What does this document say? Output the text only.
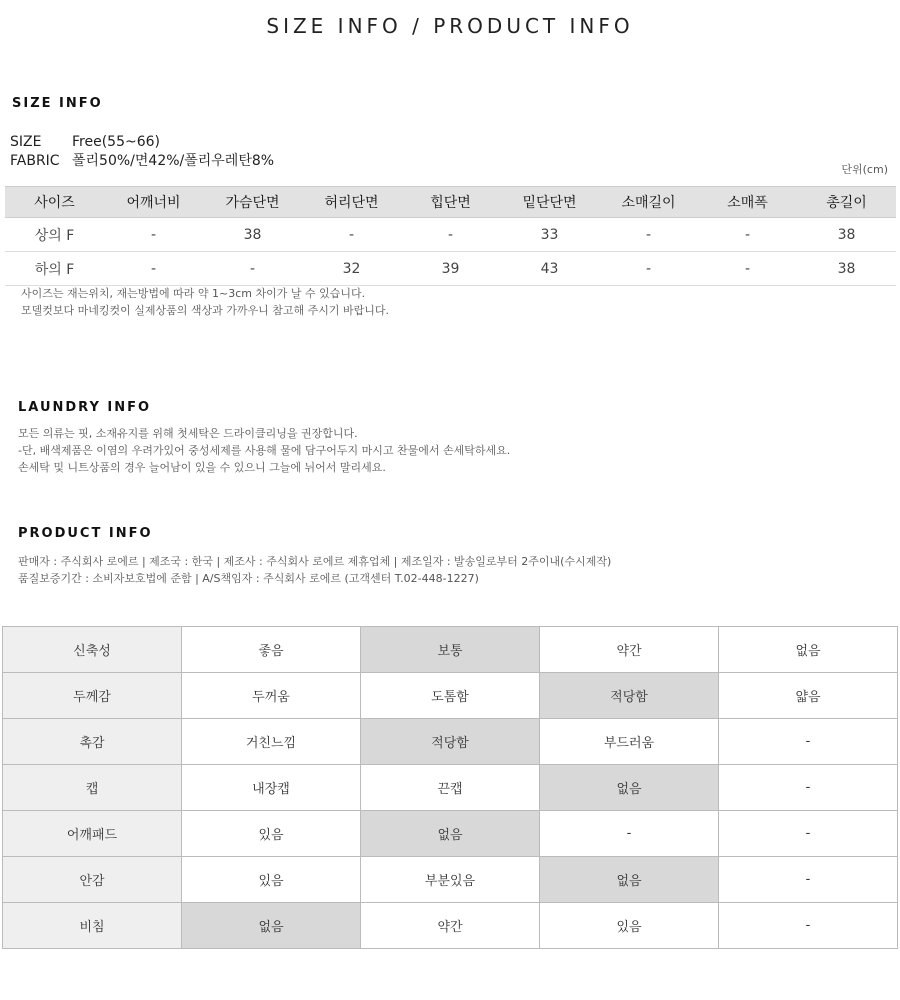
SIZE INFO / PRODUCT INFO
SIZE INFO
SIZE Free(55~66)
FABRIC 폴리50%/면42%/폴리우레탄8%
단위(cm)
사이즈	어깨너비	가슴단면	허리단면	힙단면	밑단단면	소매길이	소매폭	총길이
상의 F	-	38	-	-	33	-	-	38
하의 F	-	-	32	39	43	-	-	38
사이즈는 재는위치, 재는방법에 따라 약 1~3cm 차이가 날 수 있습니다.
모델컷보다 마네킹컷이 실제상품의 색상과 가까우니 참고해 주시기 바랍니다.
LAUNDRY INFO
모든 의류는 핏, 소재유지를 위해 첫세탁은 드라이클리닝을 권장합니다.
-단, 배색제품은 이염의 우려가있어 중성세제를 사용해 물에 담구어두지 마시고 찬물에서 손세탁하세요.
손세탁 및 니트상품의 경우 늘어남이 있을 수 있으니 그늘에 뉘어서 말리세요.
PRODUCT INFO
판매자 : 주식회사 로에르 | 제조국 : 한국 | 제조사 : 주식회사 로에르 제휴업체 | 제조일자 : 발송일로부터 2주이내(수시제작)
품질보증기간 : 소비자보호법에 준함 | A/S책임자 : 주식회사 로에르 (고객센터 T.02-448-1227)
신축성	좋음	보통	약간	없음
두께감	두꺼움	도톰함	적당함	얇음
촉감	거친느낌	적당함	부드러움	-
캡	내장캡	끈캡	없음	-
어깨패드	있음	없음	-	-
안감	있음	부분있음	없음	-
비침	없음	약간	있음	-
